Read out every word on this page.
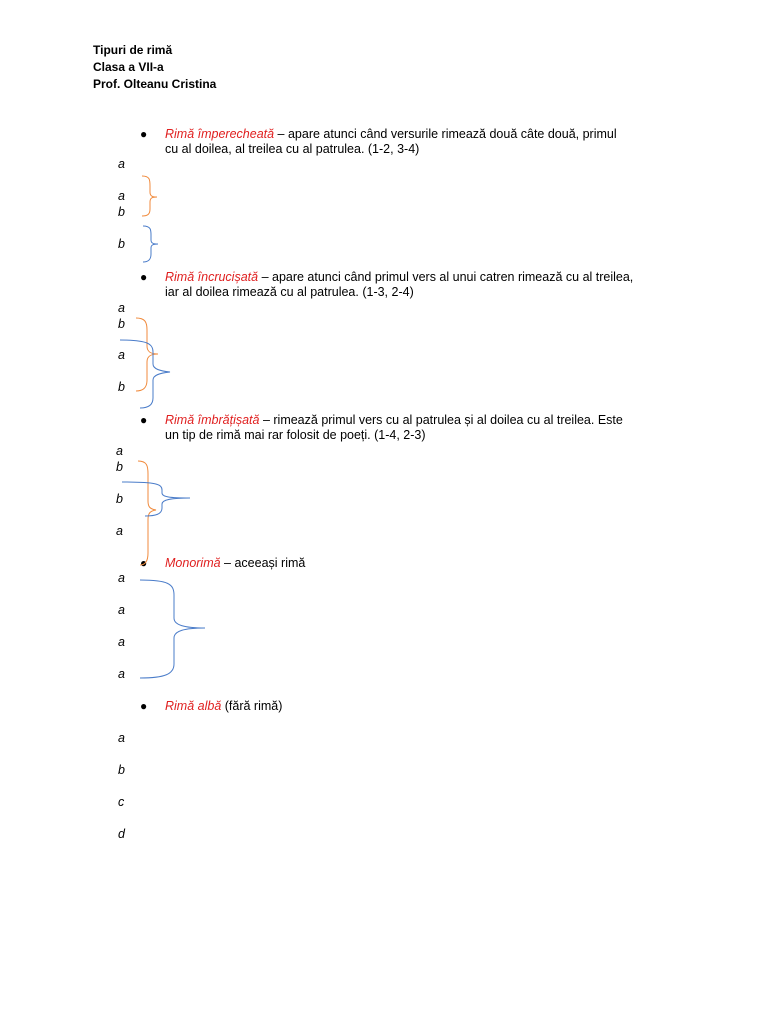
Tipuri de rimă
Clasa a VII-a
Prof. Olteanu Cristina
● Rimă împerecheată – apare atunci când versurile rimează două câte două, primul
cu al doilea, al treilea cu al patrulea. (1-2, 3-4)
a
a
b
b
● Rimă încrucișată – apare atunci când primul vers al unui catren rimează cu al treilea,
iar al doilea rimează cu al patrulea. (1-3, 2-4)
a
b
a
b
● Rimă îmbrățișată – rimează primul vers cu al patrulea și al doilea cu al treilea. Este
un tip de rimă mai rar folosit de poeți. (1-4, 2-3)
a
b
b
a
● Monorimă – aceeași rimă
a
a
a
a
● Rimă albă (fără rimă)
a
b
c
d
